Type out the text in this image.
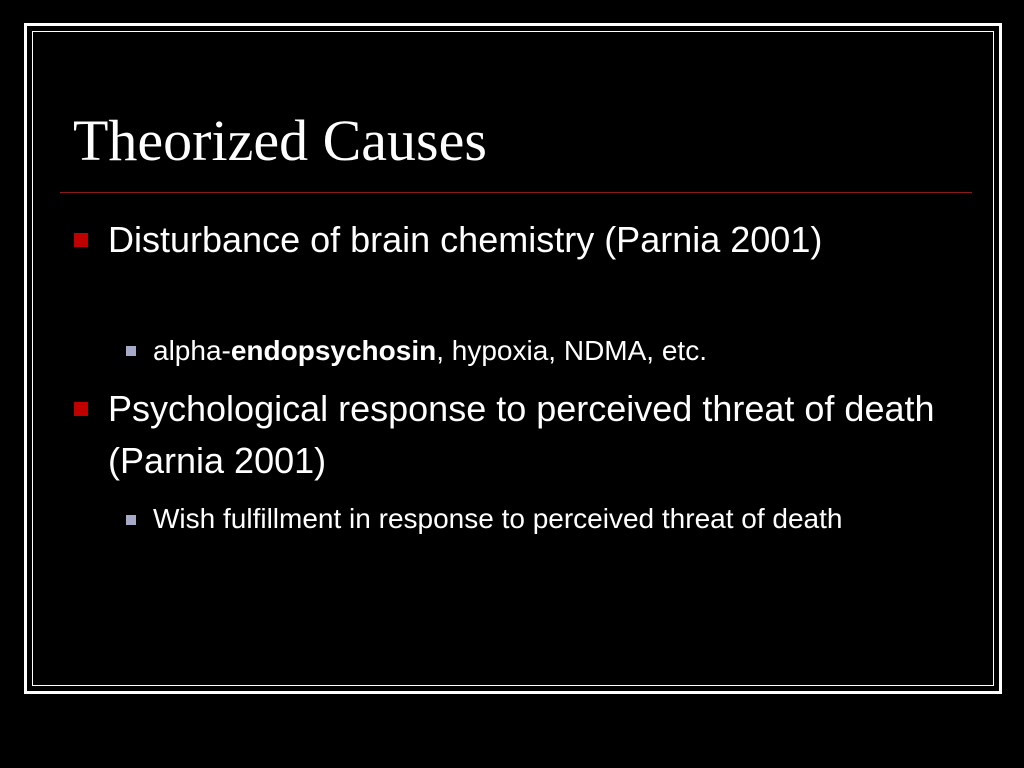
Theorized Causes
Disturbance of brain chemistry (Parnia 2001)
alpha-endopsychosin, hypoxia, NDMA, etc.
Psychological response to perceived threat of death (Parnia 2001)
Wish fulfillment in response to perceived threat of death
